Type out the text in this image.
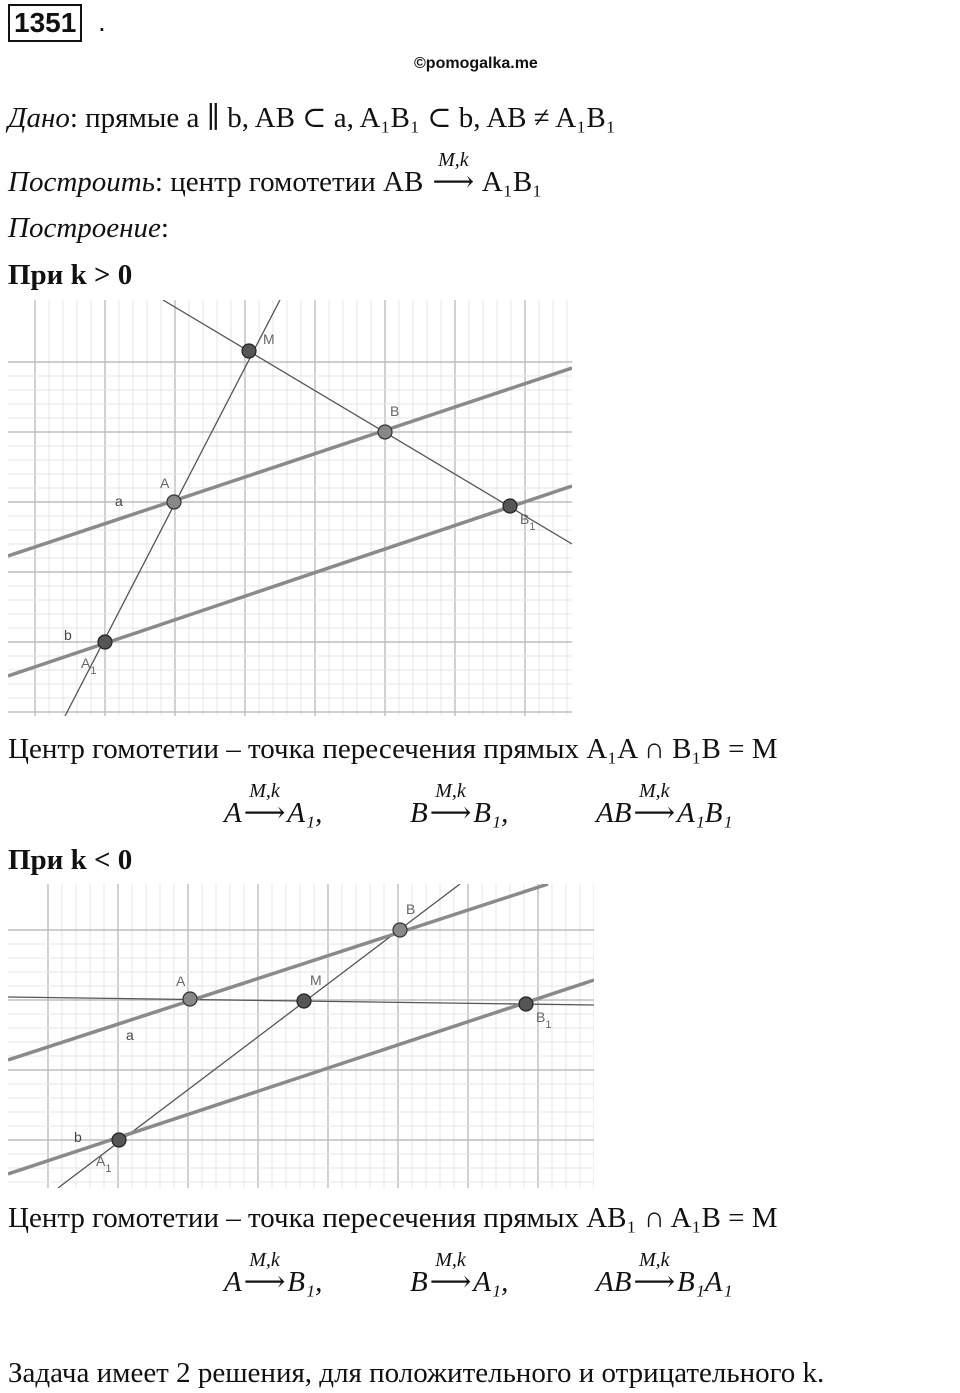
1351 .
©pomogalka.me
Дано: прямые a ∥ b, AB ⊂ a, A₁B₁ ⊂ b, AB ≠ A₁B₁
Построить: центр гомотетии AB
M,k
⟶ A₁B₁
Построение:
При k > 0
M
B
A
a
b
$A_1$
$B_1$
Центр гомотетии – точка пересечения прямых A₁A ∩ B₁B = M
A
M,k
⟶A₁,	B
M,k
⟶B₁,	AB
M,k
⟶A₁B₁
При k < 0
B
A	M
a
b
$A_1$
$B_1$
Центр гомотетии – точка пересечения прямых AB₁ ∩ A₁B = M
A
M,k
⟶B₁,	B
M,k
⟶A₁,	AB
M,k
⟶B₁A₁
Задача имеет 2 решения, для положительного и отрицательного k.
